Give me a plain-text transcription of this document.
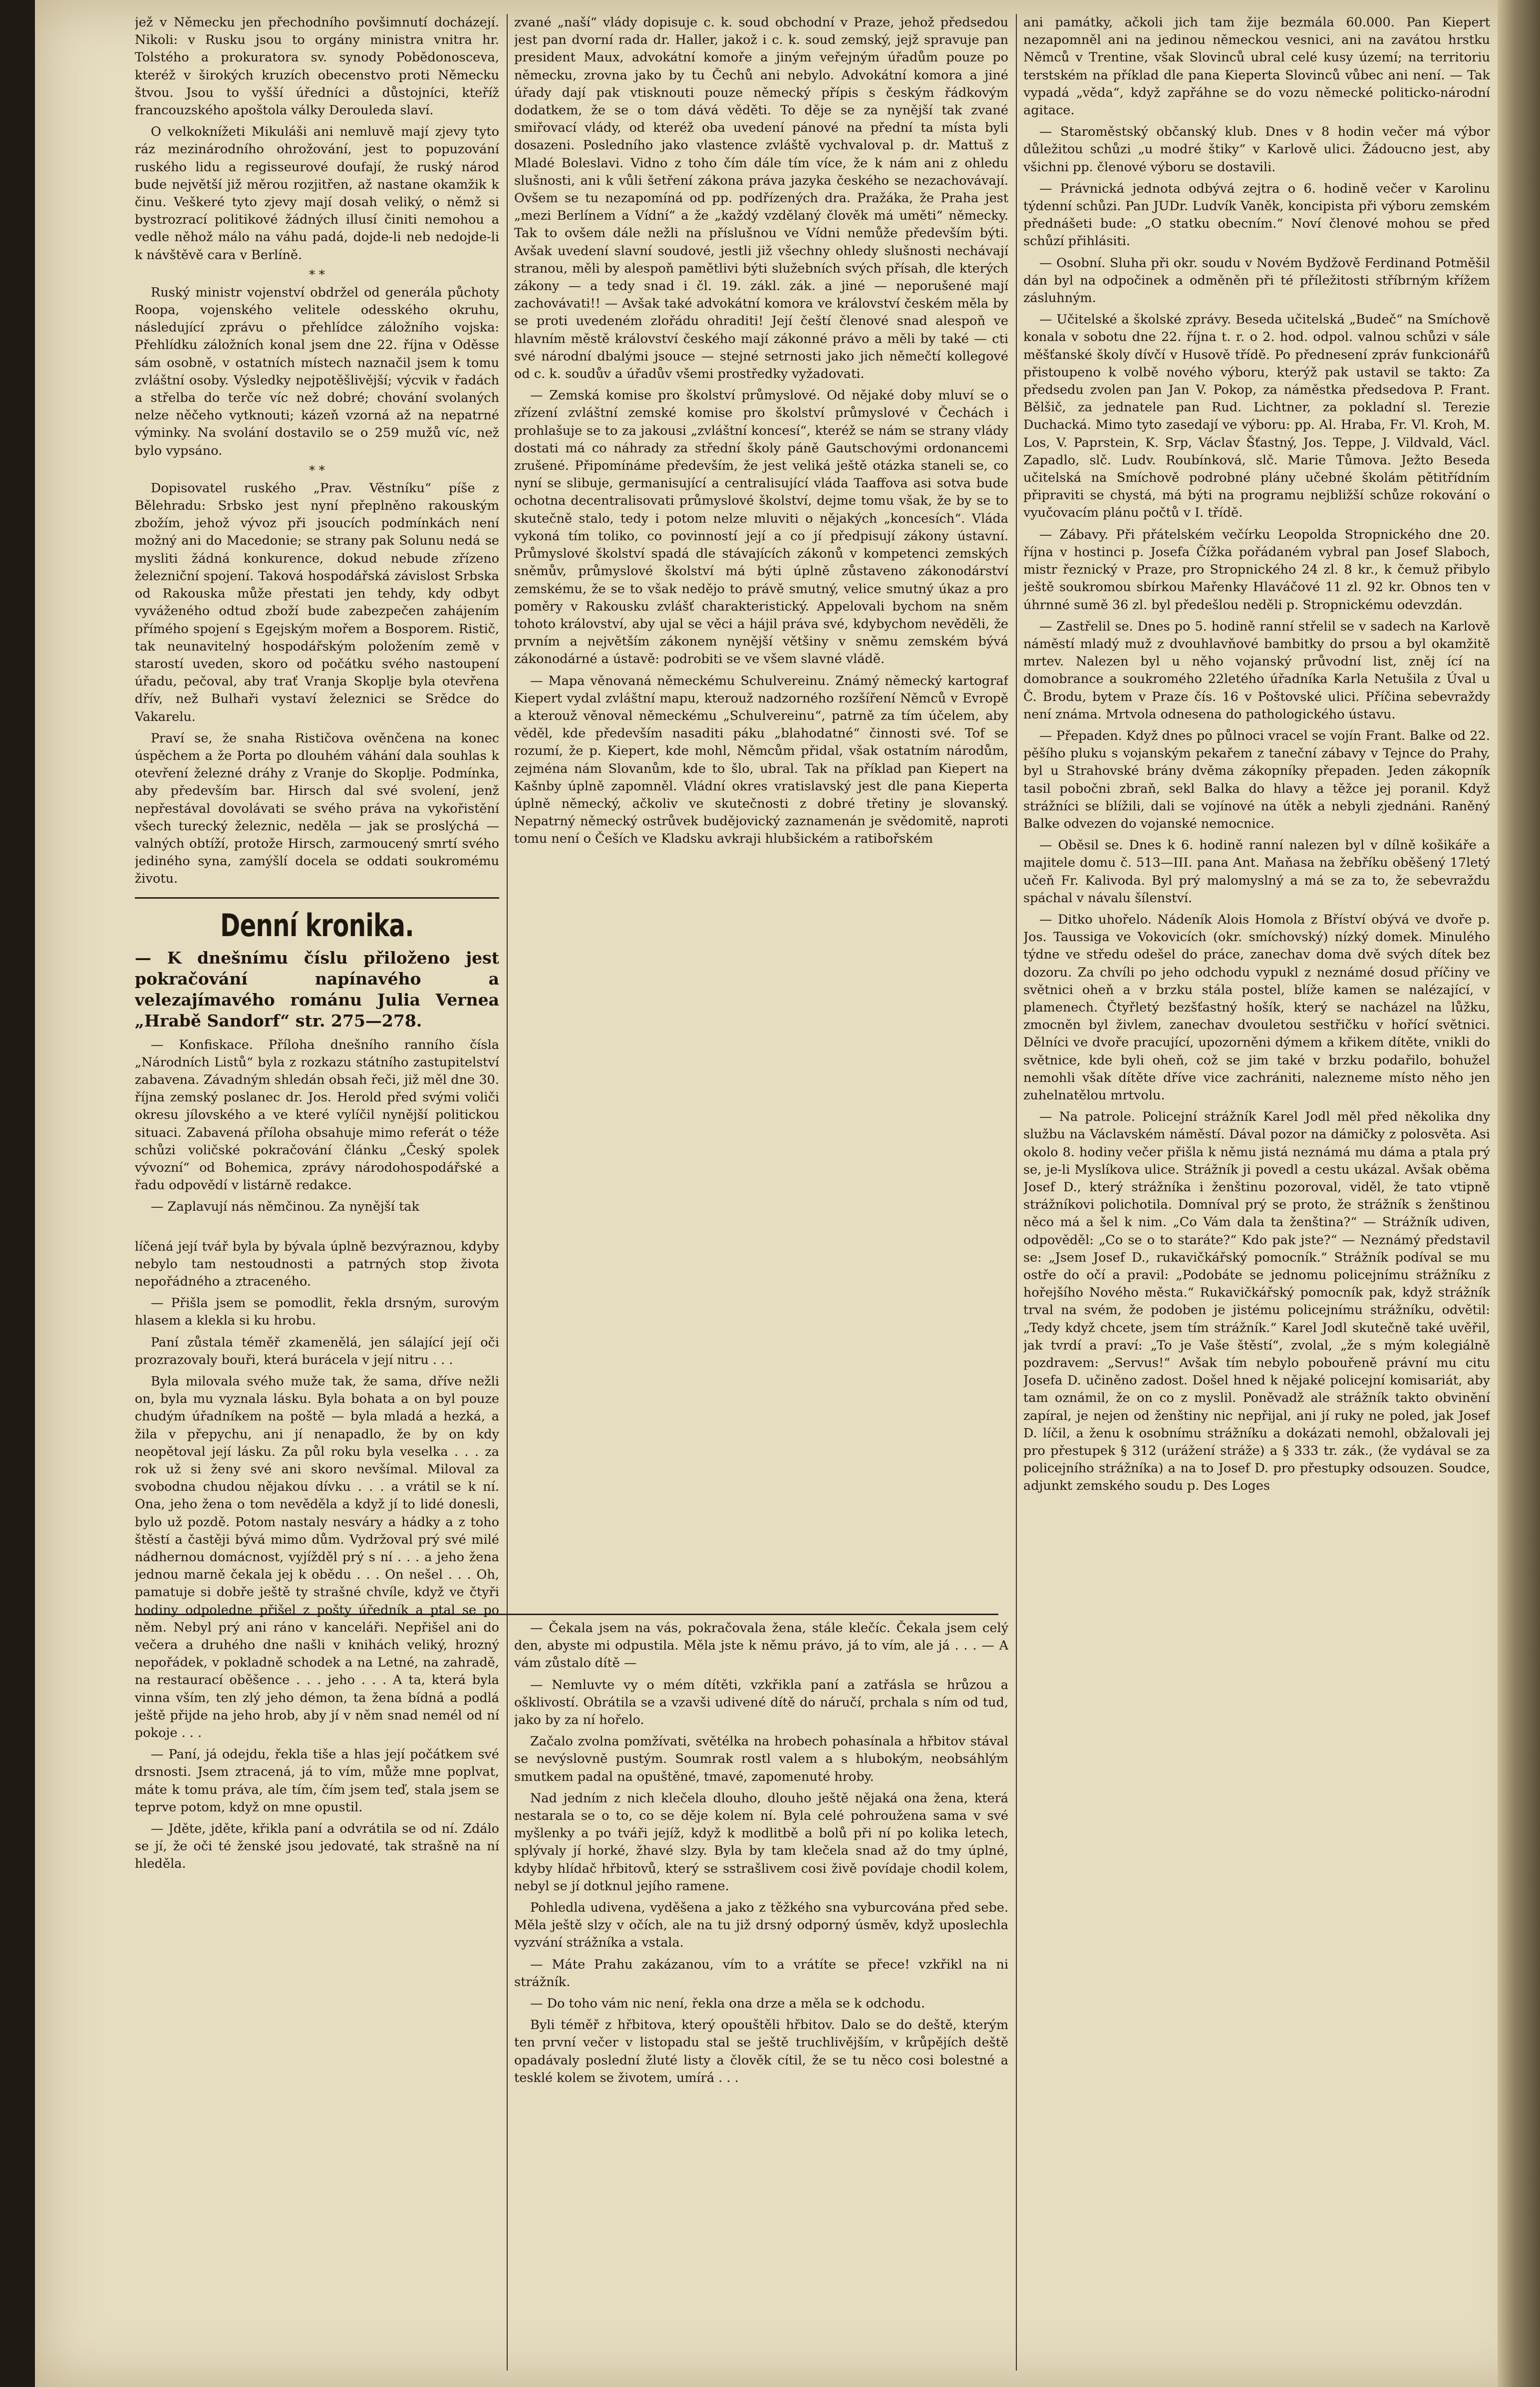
jež v Německu jen přechodního povšimnutí docházejí. Nikoli: v Rusku jsou to orgány ministra vnitra hr. Tolstého a prokuratora sv. synody Pobědonosceva, kteréž v širokých kruzích obecenstvo proti Německu štvou. Jsou to vyšší úředníci a důstojníci, kteříž francouzského apoštola války Derouleda slaví.

O velkoknížeti Mikuláši ani nemluvě mají zjevy tyto ráz mezinárodního ohrožování, jest to popuzování ruského lidu a regisseurové doufají, že ruský národ bude největší již měrou rozjitřen, až nastane okamžik k činu. Veškeré tyto zjevy mají dosah veliký, o němž si bystrozrací politikové žádných illusí činiti nemohou a vedle něhož málo na váhu padá, dojde-li neb nedojde-li k návštěvě cara v Berlíně.

* *

Ruský ministr vojenství obdržel od generála půchoty Roopa, vojenského velitele odesského okruhu, následující zprávu o přehlídce záložního vojska: Přehlídku záložních konal jsem dne 22. října v Oděsse sám osobně, v ostatních místech naznačil jsem k tomu zvláštní osoby. Výsledky nejpotěšlivější; výcvik v řadách a střelba do terče víc než dobré; chování svolaných nelze něčeho vytknouti; kázeň vzorná až na nepatrné výminky. Na svolání dostavilo se o 259 mužů víc, než bylo vypsáno.

* *

Dopisovatel ruského „Prav. Věstníku“ píše z Bělehradu: Srbsko jest nyní přeplněno rakouským zbožím, jehož vývoz při jsoucích podmínkách není možný ani do Macedonie; se strany pak Solunu nedá se mysliti žádná konkurence, dokud nebude zřízeno železniční spojení. Taková hospodářská závislost Srbska od Rakouska může přestati jen tehdy, kdy odbyt vyváženého odtud zboží bude zabezpečen zahájením přímého spojení s Egejským mořem a Bosporem. Ristič, tak neunavitelný hospodářským položením země v starostí uveden, skoro od počátku svého nastoupení úřadu, pečoval, aby trať Vranja Skoplje byla otevřena dřív, než Bulhaři vystaví železnici se Srědce do Vakarelu.

Praví se, že snaha Rističova ověnčena na konec úspěchem a že Porta po dlouhém váhání dala souhlas k otevření železné dráhy z Vranje do Skoplje. Podmínka, aby především bar. Hirsch dal své svolení, jenž nepřestával dovolávati se svého práva na vykořistění všech turecký železnic, neděla — jak se proslýchá — valných obtíží, protože Hirsch, zarmoucený smrtí svého jediného syna, zamýšlí docela se oddati soukromému životu.

Denní kronika.
— K dnešnímu číslu přiloženo jest pokračování napínavého a velezajímavého románu Julia Vernea „Hrabě Sandorf“ str. 275—278.

— Konfiskace. Příloha dnešního ranního čísla „Národních Listů“ byla z rozkazu státního zastupitelství zabavena. Závadným shledán obsah řeči, již měl dne 30. října zemský poslanec dr. Jos. Herold před svými voliči okresu jílovského a ve které vylíčil nynější politickou situaci. Zabavená příloha obsahuje mimo referát o téže schůzi voličské pokračování článku „Český spolek vývozní“ od Bohemica, zprávy národohospodářské a řadu odpovědí v listárně redakce.

— Zaplavují nás němčinou. Za nynější tak

líčená její tvář byla by bývala úplně bezvýraznou, kdyby nebylo tam nestoudnosti a patrných stop života nepořádného a ztraceného.

— Přišla jsem se pomodlit, řekla drsným, surovým hlasem a klekla si ku hrobu.

Paní zůstala téměř zkamenělá, jen sálající její oči prozrazovaly bouři, která burácela v její nitru . . .

Byla milovala svého muže tak, že sama, dříve nežli on, byla mu vyznala lásku. Byla bohata a on byl pouze chudým úřadníkem na poště — byla mladá a hezká, a žila v přepychu, ani jí nenapadlo, že by on kdy neopětoval její lásku. Za půl roku byla veselka . . . za rok už si ženy své ani skoro nevšímal. Miloval za svobodna chudou nějakou dívku . . . a vrátil se k ní. Ona, jeho žena o tom nevěděla a když jí to lidé donesli, bylo už pozdě. Potom nastaly nesváry a hádky a z toho štěstí a častěji bývá mimo dům. Vydržoval prý své milé nádhernou domácnost, vyjížděl prý s ní . . . a jeho žena jednou marně čekala jej k obědu . . . On nešel . . . Oh, pamatuje si dobře ještě ty strašné chvíle, když ve čtyři hodiny odpoledne přišel z pošty úředník a ptal se po něm. Nebyl prý ani ráno v kanceláři. Nepřišel ani do večera a druhého dne našli v knihách veliký, hrozný nepořádek, v pokladně schodek a na Letné, na zahradě, na restaurací oběšence . . . jeho . . . A ta, která byla vinna vším, ten zlý jeho démon, ta žena bídná a podlá ještě přijde na jeho hrob, aby jí v něm snad nemél od ní pokoje . . .

— Paní, já odejdu, řekla tiše a hlas její počátkem své drsnosti. Jsem ztracená, já to vím, může mne poplvat, máte k tomu práva, ale tím, čím jsem teď, stala jsem se teprve potom, když on mne opustil.

— Jděte, jděte, křikla paní a odvrátila se od ní. Zdálo se jí, že oči té ženské jsou jedovaté, tak strašně na ní hleděla.

zvané „naší“ vlády dopisuje c. k. soud obchodní v Praze, jehož předsedou jest pan dvorní rada dr. Haller, jakož i c. k. soud zemský, jejž spravuje pan president Maux, advokátní komoře a jiným veřejným úřadům pouze po německu, zrovna jako by tu Čechů ani nebylo. Advokátní komora a jiné úřady dají pak vtisknouti pouze německý přípis s českým řádkovým dodatkem, že se o tom dává věděti. To děje se za nynější tak zvané smiřovací vlády, od kteréž oba uvedení pánové na přední ta místa byli dosazeni. Posledního jako vlastence zvláště vychvaloval p. dr. Mattuš z Mladé Boleslavi. Vidno z toho čím dále tím více, že k nám ani z ohledu slušnosti, ani k vůli šetření zákona práva jazyka českého se nezachovávají. Ovšem se tu nezapomíná od pp. podřízených dra. Pražáka, že Praha jest „mezi Berlínem a Vídní“ a že „každý vzdělaný člověk má uměti“ německy. Tak to ovšem dále nežli na příslušnou ve Vídni nemůže především býti. Avšak uvedení slavní soudové, jestli již všechny ohledy slušnosti nechávají stranou, měli by alespoň pamětlivi býti služebních svých přísah, dle kterých zákony — a tedy snad i čl. 19. zákl. zák. a jiné — neporušené mají zachovávati!! — Avšak také advokátní komora ve království českém měla by se proti uvedeném zlořádu ohraditi! Její čeští členové snad alespoň ve hlavním městě království českého mají zákonné právo a měli by také — cti své národní dbalými jsouce — stejné setrnosti jako jich němečtí kollegové od c. k. soudův a úřadův všemi prostředky vyžadovati.

— Zemská komise pro školství průmyslové. Od nějaké doby mluví se o zřízení zvláštní zemské komise pro školství průmyslové v Čechách i prohlašuje se to za jakousi „zvláštní koncesí“, kteréž se nám se strany vlády dostati má co náhrady za střední školy páně Gautschovými ordonancemi zrušené. Připomínáme především, že jest veliká ještě otázka staneli se, co nyní se slibuje, germanisující a centralisující vláda Taaffova asi sotva bude ochotna decentralisovati průmyslové školství, dejme tomu však, že by se to skutečně stalo, tedy i potom nelze mluviti o nějakých „koncesích“. Vláda vykoná tím toliko, co povinností její a co jí předpisují zákony ústavní. Průmyslové školství spadá dle stávajících zákonů v kompetenci zemských sněmův, průmyslové školství má býti úplně zůstaveno zákonodárství zemskému, že se to však nedějo to právě smutný, velice smutný úkaz a pro poměry v Rakousku zvlášť charakteristický. Appelovali bychom na sněm tohoto království, aby ujal se věci a hájil práva své, kdybychom nevěděli, že prvním a největším zákonem nynější většiny v sněmu zemském bývá zákonodárné a ústavě: podrobiti se ve všem slavné vládě.

— Mapa věnovaná německému Schulvereinu. Známý německý kartograf Kiepert vydal zvláštní mapu, kterouž nadzorného rozšíření Němců v Evropě a kterouž věnoval německému „Schulvereinu“, patrně za tím účelem, aby věděl, kde především nasaditi páku „blahodatné“ činnosti své. Tof se rozumí, že p. Kiepert, kde mohl, Němcům přidal, však ostatním národům, zejména nám Slovanům, kde to šlo, ubral. Tak na příklad pan Kiepert na Kašnby úplně zapomněl. Vládní okres vratislavský jest dle pana Kieperta úplně německý, ačkoliv ve skutečnosti z dobré třetiny je slovanský. Nepatrný německý ostrůvek budějovický zaznamenán je svědomitě, naproti tomu není o Češích ve Kladsku avkraji hlubšickém a ratibořském

— Čekala jsem na vás, pokračovala žena, stále klečíc. Čekala jsem celý den, abyste mi odpustila. Měla jste k němu právo, já to vím, ale já . . . — A vám zůstalo dítě —

— Nemluvte vy o mém dítěti, vzkřikla paní a zatřásla se hrůzou a ošklivostí. Obrátila se a vzavši udivené dítě do náručí, prchala s ním od tud, jako by za ní hořelo.

Začalo zvolna pomžívati, světélka na hrobech pohasínala a hřbitov stával se nevýslovně pustým. Soumrak rostl valem a s hlubokým, neobsáhlým smutkem padal na opuštěné, tmavé, zapomenuté hroby.

Nad jedním z nich klečela dlouho, dlouho ještě nějaká ona žena, která nestarala se o to, co se děje kolem ní. Byla celé pohroužena sama v své myšlenky a po tváři jejíž, když k modlitbě a bolů při ní po kolika letech, splývaly jí horké, žhavé slzy. Byla by tam klečela snad až do tmy úplné, kdyby hlídač hřbitovů, který se sstrašlivem cosi živě povídaje chodil kolem, nebyl se jí dotknul jejího ramene.

Pohledla udivena, vyděšena a jako z těžkého sna vyburcována před sebe. Měla ještě slzy v očích, ale na tu již drsný odporný úsměv, když uposlechla vyzvání strážníka a vstala.

— Máte Prahu zakázanou, vím to a vrátíte se přece! vzkřikl na ni strážník.

— Do toho vám nic není, řekla ona drze a měla se k odchodu.

Byli téměř z hřbitova, který opouštěli hřbitov. Dalo se do deště, kterým ten první večer v listopadu stal se ještě truchlivějším, v krůpějích deště opadávaly poslední žluté listy a člověk cítil, že se tu něco cosi bolestné a tesklé kolem se životem, umírá . . .

ani památky, ačkoli jich tam žije bezmála 60.000. Pan Kiepert nezapomněl ani na jedinou německou vesnici, ani na zavátou hrstku Němců v Trentine, však Slovinců ubral celé kusy území; na territoriu terstském na příklad dle pana Kieperta Slovinců vůbec ani není. — Tak vypadá „věda“, když zapřáhne se do vozu německé politicko-národní agitace.

— Staroměstský občanský klub. Dnes v 8 hodin večer má výbor důležitou schůzi „u modré štiky“ v Karlově ulici. Žádoucno jest, aby všichni pp. členové výboru se dostavili.

— Právnická jednota odbývá zejtra o 6. hodině večer v Karolinu týdenní schůzi. Pan JUDr. Ludvík Vaněk, koncipista při výboru zemském přednášeti bude: „O statku obecním.“ Noví členové mohou se před schůzí přihlásiti.

— Osobní. Sluha při okr. soudu v Novém Bydžově Ferdinand Potměšil dán byl na odpočinek a odměněn při té příležitosti stříbrným křížem zásluhným.

— Učitelské a školské zprávy. Beseda učitelská „Budeč“ na Smíchově konala v sobotu dne 22. října t. r. o 2. hod. odpol. valnou schůzi v sále měšťanské školy dívčí v Husově třídě. Po přednesení zpráv funkcionářů přistoupeno k volbě nového výboru, kterýž pak ustavil se takto: Za předsedu zvolen pan Jan V. Pokop, za náměstka předsedova P. Frant. Bělšič, za jednatele pan Rud. Lichtner, za pokladní sl. Terezie Duchacká. Mimo tyto zasedají ve výboru: pp. Al. Hraba, Fr. Vl. Kroh, M. Los, V. Paprstein, K. Srp, Václav Šťastný, Jos. Teppe, J. Vildvald, Václ. Zapadlo, slč. Ludv. Roubínková, slč. Marie Tůmova. Ježto Beseda učitelská na Smíchově podrobné plány učebné školám pětitřídním připraviti se chystá, má býti na programu nejbližší schůze rokování o vyučovacím plánu počtů v I. třídě.

— Zábavy. Při přátelském večírku Leopolda Stropnického dne 20. října v hostinci p. Josefa Čížka pořádaném vybral pan Josef Slaboch, mistr řeznický v Praze, pro Stropnického 24 zl. 8 kr., k čemuž přibylo ještě soukromou sbírkou Mařenky Hlaváčové 11 zl. 92 kr. Obnos ten v úhrnné sumě 36 zl. byl předešlou neděli p. Stropnickému odevzdán.

— Zastřelil se. Dnes po 5. hodině ranní střelil se v sadech na Karlově náměstí mladý muž z dvouhlavňové bambitky do prsou a byl okamžitě mrtev. Nalezen byl u něho vojanský průvodní list, zněj ící na domobrance a soukromého 22letého úřadníka Karla Netušila z Úval u Č. Brodu, bytem v Praze čís. 16 v Poštovské ulici. Příčina sebevraždy není známa. Mrtvola odnesena do pathologického ústavu.

— Přepaden. Když dnes po půlnoci vracel se vojín Frant. Balke od 22. pěšího pluku s vojanským pekařem z taneční zábavy v Tejnce do Prahy, byl u Strahovské brány dvěma zákopníky přepaden. Jeden zákopník tasil pobočni zbraň, sekl Balka do hlavy a těžce jej poranil. Když strážníci se blížili, dali se vojínové na útěk a nebyli zjednáni. Raněný Balke odvezen do vojanské nemocnice.

— Oběsil se. Dnes k 6. hodině ranní nalezen byl v dílně košikáře a majitele domu č. 513—III. pana Ant. Maňasa na žebříku oběšený 17letý učeň Fr. Kalivoda. Byl prý malomyslný a má se za to, že sebevraždu spáchal v návalu šílenství.

— Ditko uhořelo. Nádeník Alois Homola z Bříství obývá ve dvoře p. Jos. Taussiga ve Vokovicích (okr. smíchovský) nízký domek. Minulého týdne ve středu odešel do práce, zanechav doma dvě svých dítek bez dozoru. Za chvíli po jeho odchodu vypukl z neznámé dosud příčiny ve světnici oheň a v brzku stála postel, blíže kamen se nalézající, v plamenech. Čtyřletý bezšťastný hošík, který se nacházel na lůžku, zmocněn byl živlem, zanechav dvouletou sestřičku v hořící světnici. Dělníci ve dvoře pracující, upozorněni dýmem a křikem dítěte, vnikli do světnice, kde byli oheň, což se jim také v brzku podařilo, bohužel nemohli však dítěte dříve vice zachrániti, nalezneme místo něho jen zuhelnatělou mrtvolu.

— Na patrole. Policejní strážník Karel Jodl měl před několika dny službu na Václavském náměstí. Dával pozor na dámičky z polosvěta. Asi okolo 8. hodiny večer přišla k němu jistá neznámá mu dáma a ptala prý se, je-li Myslíkova ulice. Strážník ji povedl a cestu ukázal. Avšak oběma Josef D., který strážníka i ženštinu pozoroval, viděl, že tato vtipně strážníkovi polichotila. Domníval prý se proto, že strážník s ženštinou něco má a šel k nim. „Co Vám dala ta ženština?“ — Strážník udiven, odpověděl: „Co se o to staráte?“ Kdo pak jste?“ — Neznámý představil se: „Jsem Josef D., rukavičkářský pomocník.“ Strážník podíval se mu ostře do očí a pravil: „Podobáte se jednomu policejnímu strážníku z hořejšího Nového města.“ Rukavičkářský pomocník pak, když strážník trval na svém, že podoben je jistému policejnímu strážníku, odvětil: „Tedy když chcete, jsem tím strážník.“ Karel Jodl skutečně také uvěřil, jak tvrdí a praví: „To je Vaše štěstí“, zvolal, „že s mým kolegiálně pozdravem: „Servus!“ Avšak tím nebylo pobouřeně právní mu citu Josefa D. učiněno zadost. Došel hned k nějaké policejní komisariát, aby tam oznámil, že on co z myslil. Poněvadž ale strážník takto obvinění zapíral, je nejen od ženštiny nic nepřijal, ani jí ruky ne poled, jak Josef D. líčil, a ženu k osobnímu strážníku a dokázati nemohl, obžalovali jej pro přestupek § 312 (urážení stráže) a § 333 tr. zák., (že vydával se za policejního strážníka) a na to Josef D. pro přestupky odsouzen. Soudce, adjunkt zemského soudu p. Des Loges
